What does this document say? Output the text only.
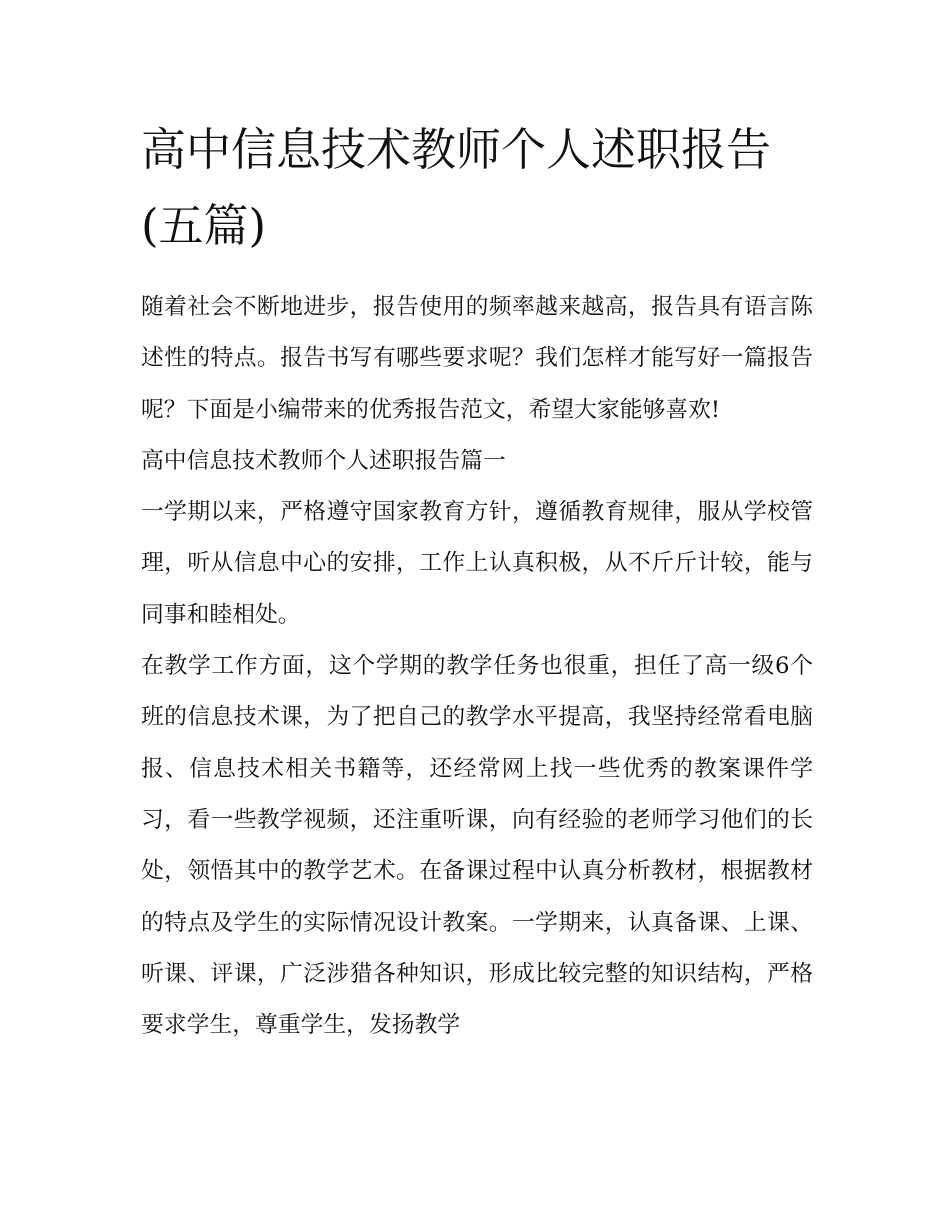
高中信息技术教师个人述职报告(五篇)

随着社会不断地进步，报告使用的频率越来越高，报告具有语言陈述性的特点。报告书写有哪些要求呢？我们怎样才能写好一篇报告呢？下面是小编带来的优秀报告范文，希望大家能够喜欢!

高中信息技术教师个人述职报告篇一

一学期以来，严格遵守国家教育方针，遵循教育规律，服从学校管理，听从信息中心的安排，工作上认真积极，从不斤斤计较，能与同事和睦相处。

在教学工作方面，这个学期的教学任务也很重，担任了高一级6个班的信息技术课，为了把自己的教学水平提高，我坚持经常看电脑报、信息技术相关书籍等，还经常网上找一些优秀的教案课件学习，看一些教学视频，还注重听课，向有经验的老师学习他们的长处，领悟其中的教学艺术。在备课过程中认真分析教材，根据教材的特点及学生的实际情况设计教案。一学期来，认真备课、上课、听课、评课，广泛涉猎各种知识，形成比较完整的知识结构，严格要求学生，尊重学生，发扬教学
